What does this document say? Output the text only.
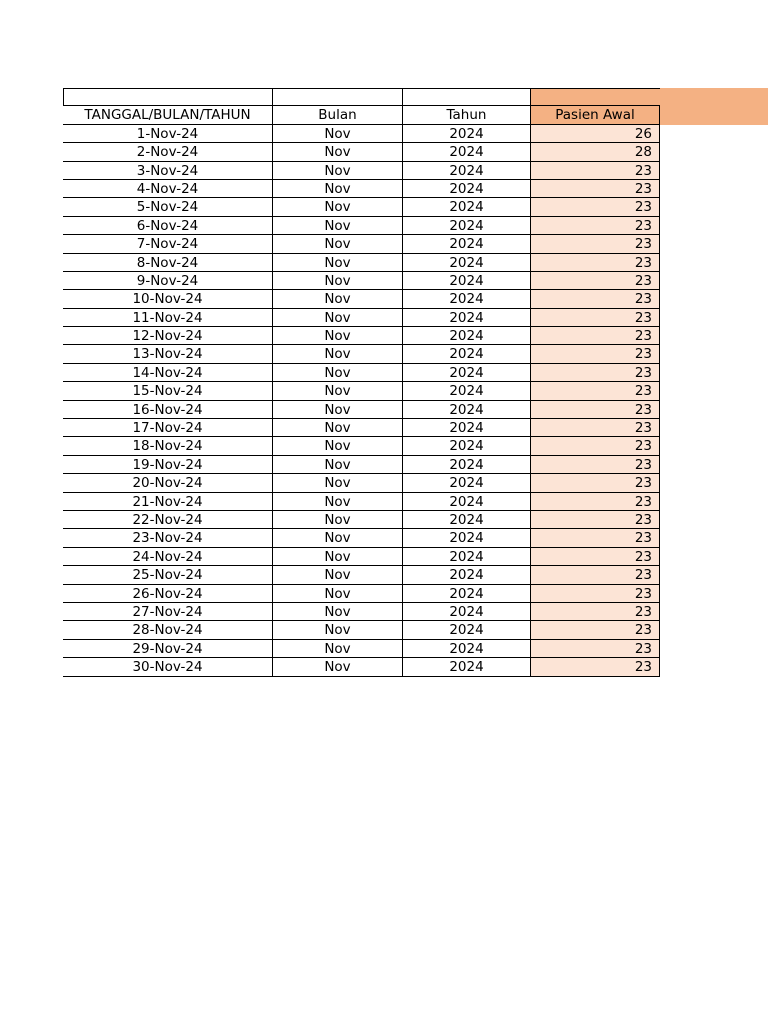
TANGGAL/BULAN/TAHUN	Bulan	Tahun	Pasien Awal
1-Nov-24	Nov	2024	26
2-Nov-24	Nov	2024	28
3-Nov-24	Nov	2024	23
4-Nov-24	Nov	2024	23
5-Nov-24	Nov	2024	23
6-Nov-24	Nov	2024	23
7-Nov-24	Nov	2024	23
8-Nov-24	Nov	2024	23
9-Nov-24	Nov	2024	23
10-Nov-24	Nov	2024	23
11-Nov-24	Nov	2024	23
12-Nov-24	Nov	2024	23
13-Nov-24	Nov	2024	23
14-Nov-24	Nov	2024	23
15-Nov-24	Nov	2024	23
16-Nov-24	Nov	2024	23
17-Nov-24	Nov	2024	23
18-Nov-24	Nov	2024	23
19-Nov-24	Nov	2024	23
20-Nov-24	Nov	2024	23
21-Nov-24	Nov	2024	23
22-Nov-24	Nov	2024	23
23-Nov-24	Nov	2024	23
24-Nov-24	Nov	2024	23
25-Nov-24	Nov	2024	23
26-Nov-24	Nov	2024	23
27-Nov-24	Nov	2024	23
28-Nov-24	Nov	2024	23
29-Nov-24	Nov	2024	23
30-Nov-24	Nov	2024	23
